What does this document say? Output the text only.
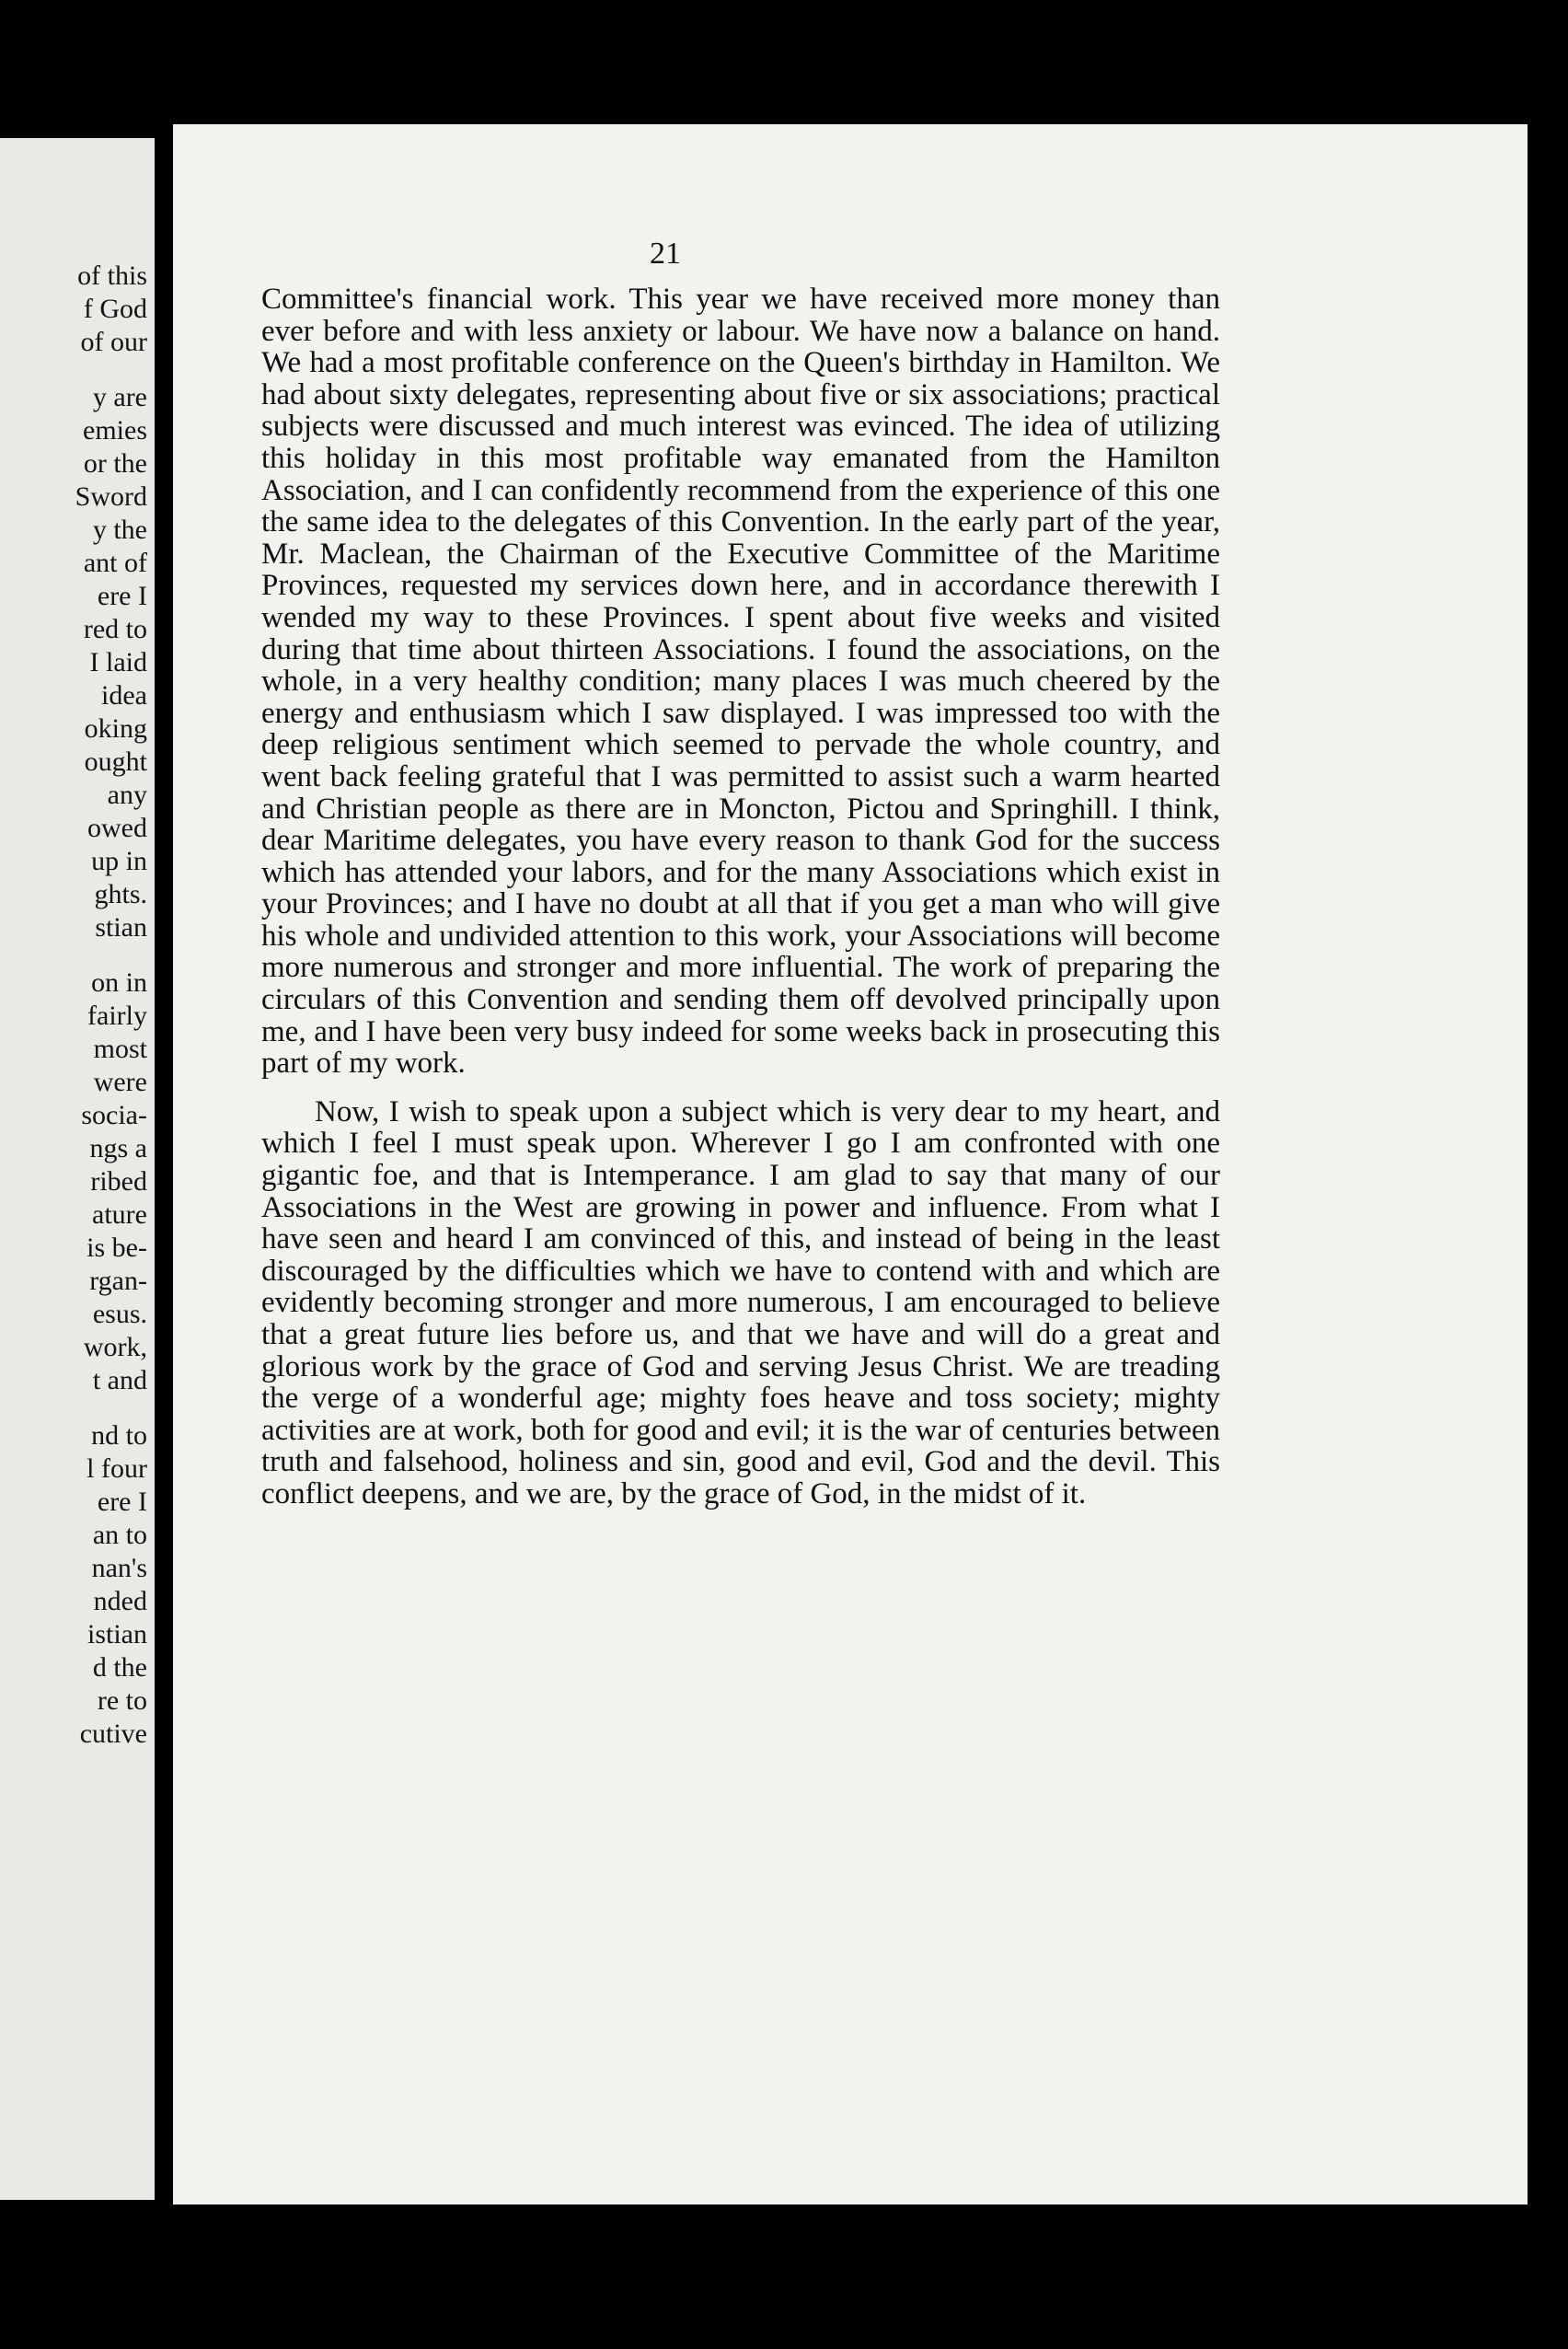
of this
f God
of our
y are
emies
or the
Sword
y the
ant of
ere I
red to
I laid
idea
oking
ought
any
owed
up in
ghts.
stian
on in
fairly
most
were
socia-
ngs a
ribed
ature
is be-
rgan-
esus.
work,
t and
nd to
l four
ere I
an to
nan's
nded
istian
d the
re to
cutive
21

Committee's financial work. This year we have received more money than ever before and with less anxiety or labour. We have now a balance on hand. We had a most profitable conference on the Queen's birthday in Hamilton. We had about sixty delegates, representing about five or six associations; practical subjects were discussed and much interest was evinced. The idea of utilizing this holiday in this most profitable way emanated from the Hamilton Association, and I can confidently recommend from the experience of this one the same idea to the delegates of this Convention. In the early part of the year, Mr. Maclean, the Chairman of the Executive Committee of the Maritime Provinces, requested my services down here, and in accordance therewith I wended my way to these Provinces. I spent about five weeks and visited during that time about thirteen Associations. I found the associations, on the whole, in a very healthy condition; many places I was much cheered by the energy and enthusiasm which I saw displayed. I was impressed too with the deep religious sentiment which seemed to pervade the whole country, and went back feeling grateful that I was permitted to assist such a warm hearted and Christian people as there are in Moncton, Pictou and Springhill. I think, dear Maritime delegates, you have every reason to thank God for the success which has attended your labors, and for the many Associations which exist in your Provinces; and I have no doubt at all that if you get a man who will give his whole and undivided attention to this work, your Associations will become more numerous and stronger and more influential. The work of preparing the circulars of this Convention and sending them off devolved principally upon me, and I have been very busy indeed for some weeks back in prosecuting this part of my work.

Now, I wish to speak upon a subject which is very dear to my heart, and which I feel I must speak upon. Wherever I go I am confronted with one gigantic foe, and that is Intemperance. I am glad to say that many of our Associations in the West are growing in power and influence. From what I have seen and heard I am convinced of this, and instead of being in the least discouraged by the difficulties which we have to contend with and which are evidently becoming stronger and more numerous, I am encouraged to believe that a great future lies before us, and that we have and will do a great and glorious work by the grace of God and serving Jesus Christ. We are treading the verge of a wonderful age; mighty foes heave and toss society; mighty activities are at work, both for good and evil; it is the war of centuries between truth and falsehood, holiness and sin, good and evil, God and the devil. This conflict deepens, and we are, by the grace of God, in the midst of it.
